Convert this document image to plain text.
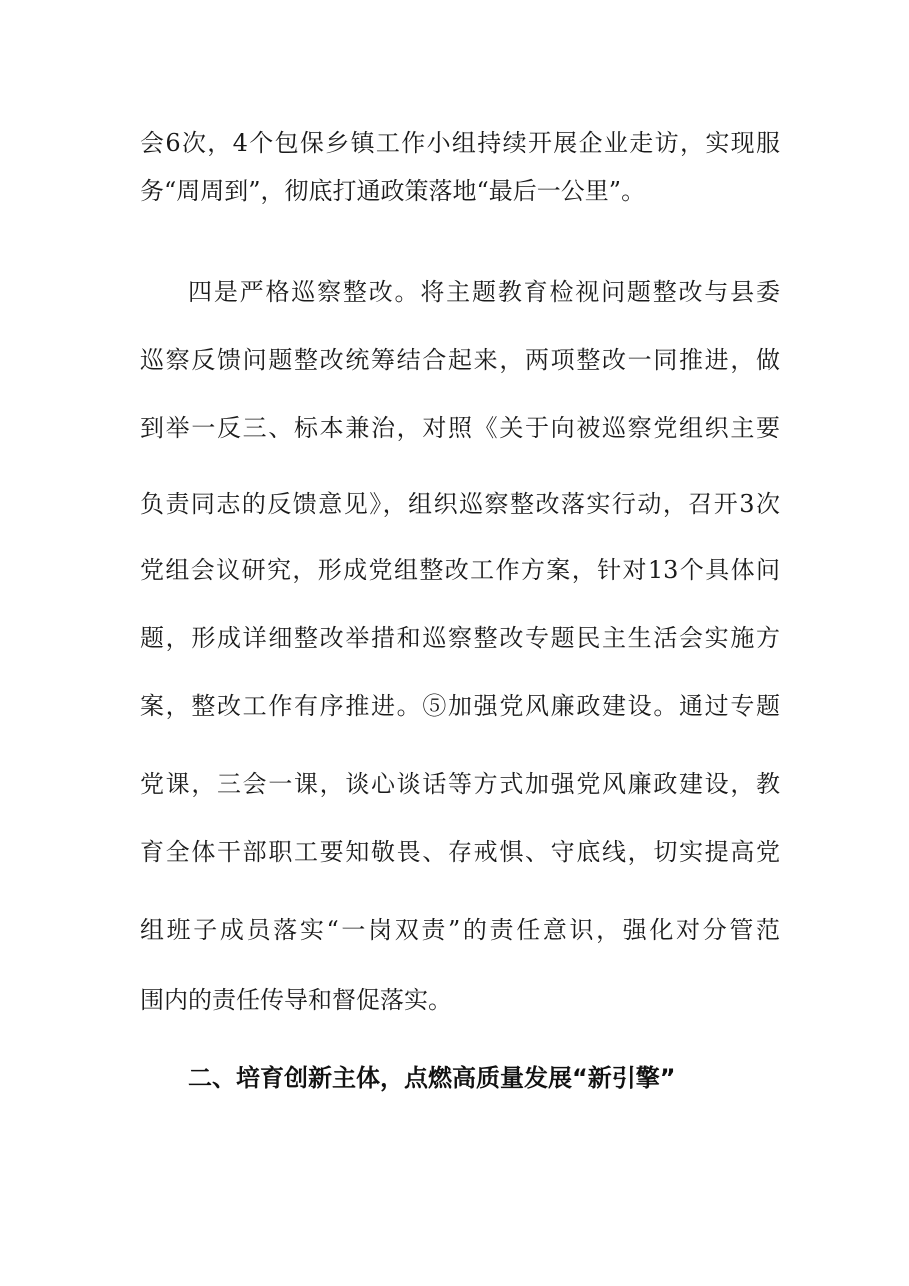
会6次，4个包保乡镇工作小组持续开展企业走访，实现服
务“周周到”，彻底打通政策落地“最后一公里”。
四是严格巡察整改。将主题教育检视问题整改与县委
巡察反馈问题整改统筹结合起来，两项整改一同推进，做
到举一反三、标本兼治，对照《关于向被巡察党组织主要
负责同志的反馈意见》，组织巡察整改落实行动，召开3次
党组会议研究，形成党组整改工作方案，针对13个具体问
题，形成详细整改举措和巡察整改专题民主生活会实施方
案，整改工作有序推进。⑤加强党风廉政建设。通过专题
党课，三会一课，谈心谈话等方式加强党风廉政建设，教
育全体干部职工要知敬畏、存戒惧、守底线，切实提高党
组班子成员落实“一岗双责”的责任意识，强化对分管范
围内的责任传导和督促落实。
二、培育创新主体，点燃高质量发展“新引擎”
